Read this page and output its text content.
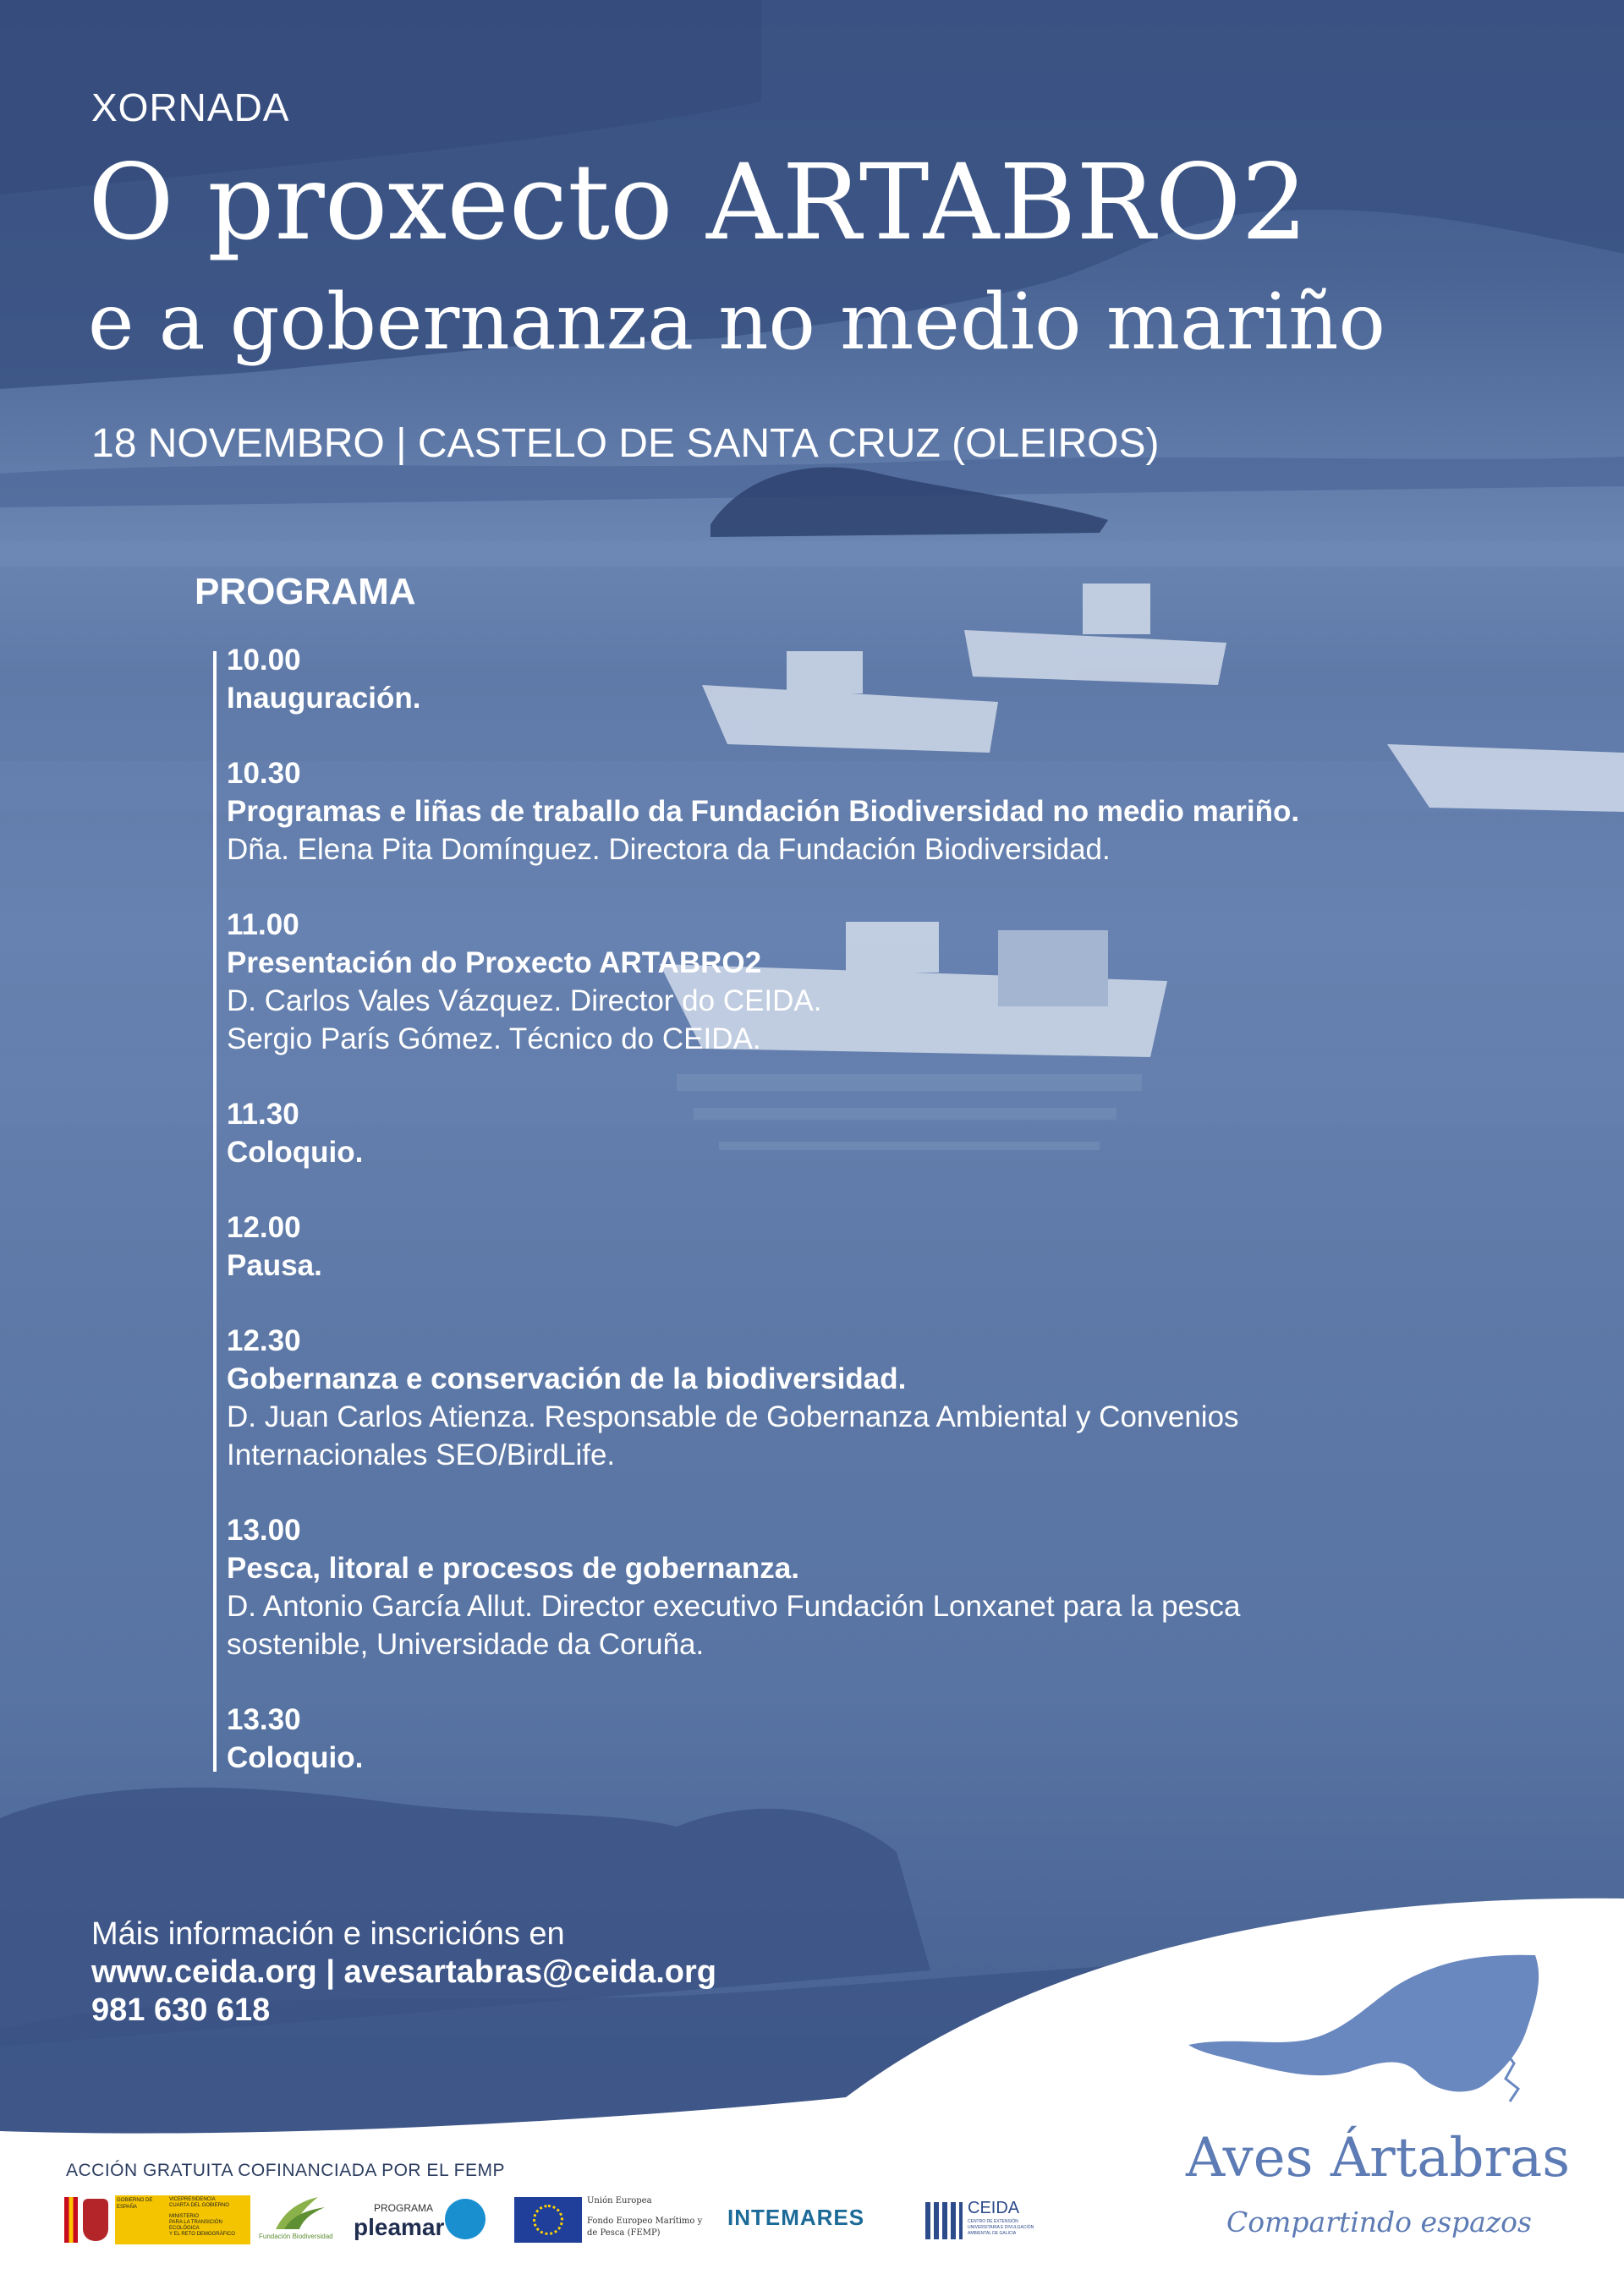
XORNADA
O proxecto ARTABRO2
e a gobernanza no medio mariño
18 NOVEMBRO | CASTELO DE SANTA CRUZ (OLEIROS)
PROGRAMA
10.00
Inauguración.
10.30
Programas e liñas de traballo da Fundación Biodiversidad no medio mariño.
Dña. Elena Pita Domínguez. Directora da Fundación Biodiversidad.
11.00
Presentación do Proxecto ARTABRO2
D. Carlos Vales Vázquez. Director do CEIDA.
Sergio París Gómez. Técnico do CEIDA.
11.30
Coloquio.
12.00
Pausa.
12.30
Gobernanza e conservación de la biodiversidad.
D. Juan Carlos Atienza. Responsable de Gobernanza Ambiental y Convenios
Internacionales SEO/BirdLife.
13.00
Pesca, litoral e procesos de gobernanza.
D. Antonio García Allut. Director executivo Fundación Lonxanet para la pesca
sostenible, Universidade da Coruña.
13.30
Coloquio.
Máis información e inscricións en
www.ceida.org | avesartabras@ceida.org
981 630 618
Aves Ártabras
Compartindo espazos
ACCIÓN GRATUITA COFINANCIADA POR EL FEMP
GOBIERNO DE ESPAÑA
VICEPRESIDENCIA
CUARTA DEL GOBIERNO
MINISTERIO
PARA LA TRANSICIÓN ECOLÓGICA
Y EL RETO DEMOGRÁFICO	Fundación Biodiversidad
PROGRAMA
pleamar
Unión Europea
Fondo Europeo Marítimo y
de Pesca (FEMP)
INTEMARES	CEIDA
CENTRO DE EXTENSIÓN
UNIVERSITARIA E DIVULGACIÓN
AMBIENTAL DE GALICIA
